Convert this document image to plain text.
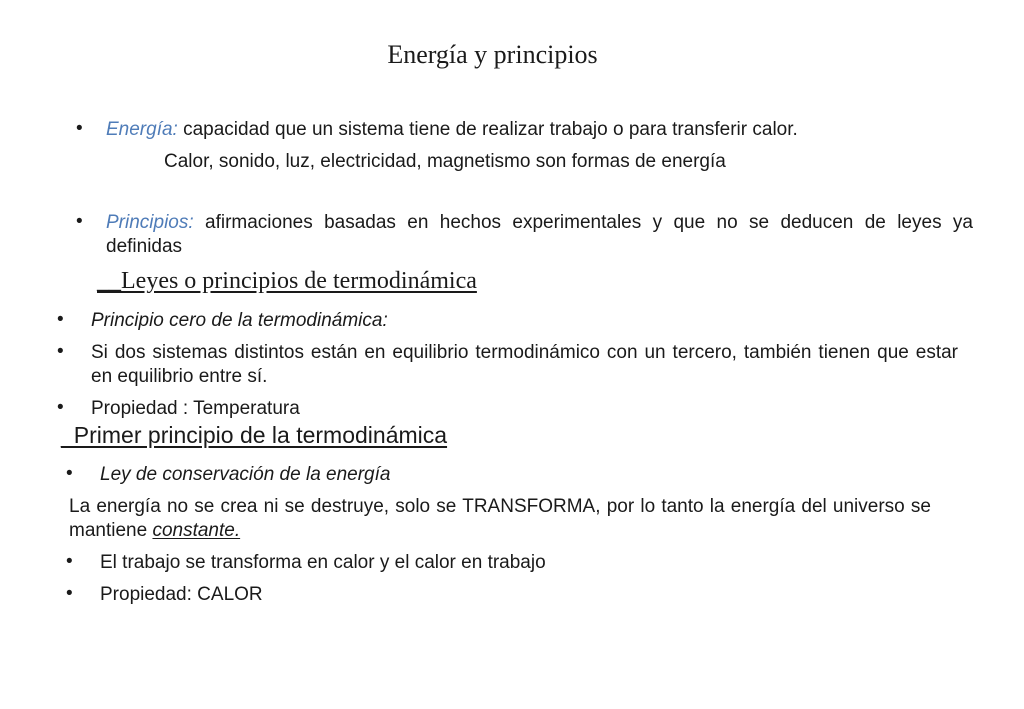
Energía y principios
• Energía: capacidad que un sistema tiene de realizar trabajo o para transferir calor.
Calor, sonido, luz, electricidad, magnetismo son formas de energía
• Principios: afirmaciones basadas en hechos experimentales y que no se deducen de leyes ya definidas
__Leyes o principios de termodinámica
• Principio cero de la termodinámica:
• Si dos sistemas distintos están en equilibrio termodinámico con un tercero, también tienen que estar en equilibrio entre sí.
• Propiedad : Temperatura
_Primer principio de la termodinámica
• Ley de conservación de la energía
La energía no se crea ni se destruye, solo se TRANSFORMA, por lo tanto la energía del universo se mantiene constante.
• El trabajo se transforma en calor y el calor en trabajo
• Propiedad: CALOR
